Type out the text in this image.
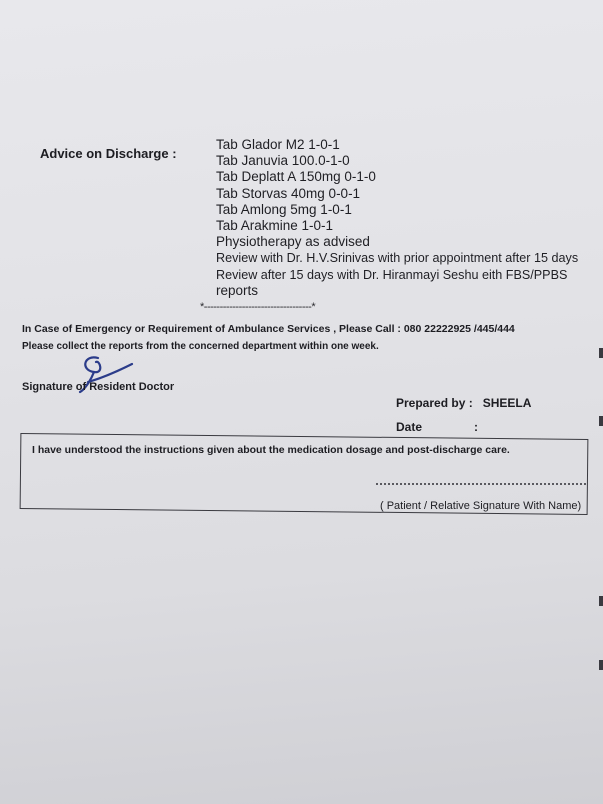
Advice on Discharge :
Tab Glador M2 1-0-1
Tab Januvia 100.0-1-0
Tab Deplatt A 150mg 0-1-0
Tab Storvas 40mg 0-0-1
Tab Amlong 5mg 1-0-1
Tab Arakmine 1-0-1
Physiotherapy as advised
Review with Dr. H.V.Srinivas with prior appointment after 15 days
Review after 15 days with Dr. Hiranmayi Seshu eith FBS/PPBS
reports
*----------------------------------*
In Case of Emergency or Requirement of Ambulance Services , Please Call : 080 22222925 /445/444
Please collect the reports from the concerned department within one week.
Signature of Resident Doctor
Prepared by : SHEELA
Date	:
I have understood the instructions given about the medication dosage and post-discharge care.
( Patient / Relative Signature With Name)
